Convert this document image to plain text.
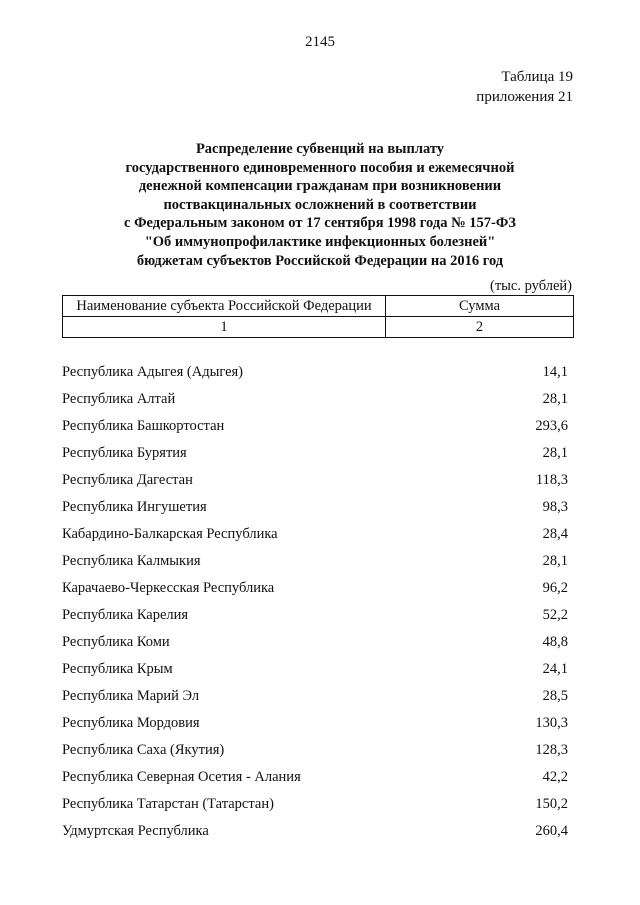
2145
Таблица 19
приложения 21
Распределение субвенций на выплату
государственного единовременного пособия и ежемесячной
денежной компенсации гражданам при возникновении
поствакцинальных осложнений в соответствии
с Федеральным законом от 17 сентября 1998 года № 157-ФЗ
"Об иммунопрофилактике инфекционных болезней"
бюджетам субъектов Российской Федерации на 2016 год
(тыс. рублей)
Наименование субъекта Российской Федерации	Сумма
1	2
Республика Адыгея (Адыгея)	14,1
Республика Алтай	28,1
Республика Башкортостан	293,6
Республика Бурятия	28,1
Республика Дагестан	118,3
Республика Ингушетия	98,3
Кабардино-Балкарская Республика	28,4
Республика Калмыкия	28,1
Карачаево-Черкесская Республика	96,2
Республика Карелия	52,2
Республика Коми	48,8
Республика Крым	24,1
Республика Марий Эл	28,5
Республика Мордовия	130,3
Республика Саха (Якутия)	128,3
Республика Северная Осетия - Алания	42,2
Республика Татарстан (Татарстан)	150,2
Удмуртская Республика	260,4
